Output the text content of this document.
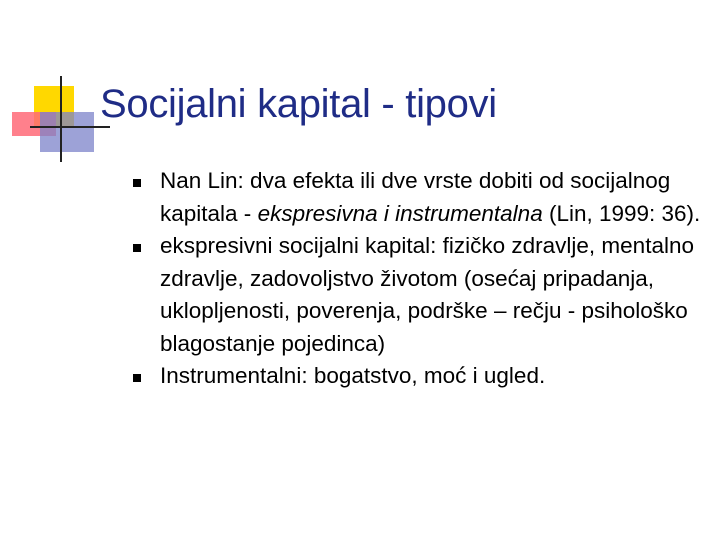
Socijalni kapital - tipovi
Nan Lin: dva efekta ili dve vrste dobiti od socijalnog kapitala - ekspresivna i instrumentalna (Lin, 1999: 36).
ekspresivni socijalni kapital: fizičko zdravlje, mentalno zdravlje, zadovoljstvo životom (osećaj pripadanja, uklopljenosti, poverenja, podrške – rečju - psihološko blagostanje pojedinca)
Instrumentalni: bogatstvo, moć i ugled.
